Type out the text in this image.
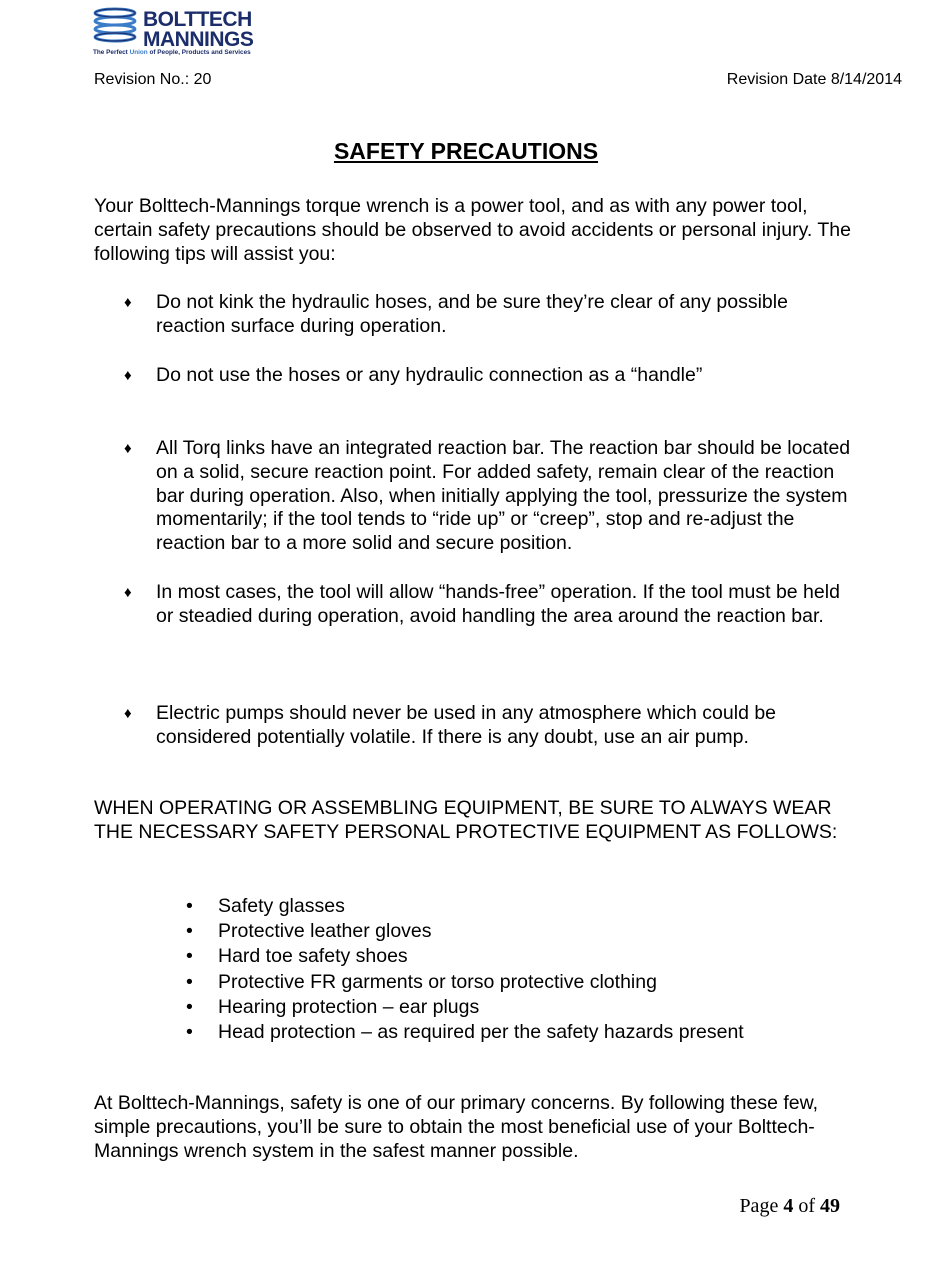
BOLTTECH
MANNINGS
The Perfect Union of People, Products and Services
Revision No.: 20	Revision Date 8/14/2014
SAFETY PRECAUTIONS

Your Bolttech-Mannings torque wrench is a power tool, and as with any power tool, certain safety precautions should be observed to avoid accidents or personal injury. The following tips will assist you:

♦ Do not kink the hydraulic hoses, and be sure they’re clear of any possible reaction surface during operation.
♦ Do not use the hoses or any hydraulic connection as a “handle”
♦ All Torq links have an integrated reaction bar. The reaction bar should be located on a solid, secure reaction point. For added safety, remain clear of the reaction bar during operation. Also, when initially applying the tool, pressurize the system momentarily; if the tool tends to “ride up” or “creep”, stop and re-adjust the reaction bar to a more solid and secure position.
♦ In most cases, the tool will allow “hands-free” operation. If the tool must be held or steadied during operation, avoid handling the area around the reaction bar.
♦ Electric pumps should never be used in any atmosphere which could be considered potentially volatile. If there is any doubt, use an air pump.

WHEN OPERATING OR ASSEMBLING EQUIPMENT, BE SURE TO ALWAYS WEAR THE NECESSARY SAFETY PERSONAL PROTECTIVE EQUIPMENT AS FOLLOWS:

• Safety glasses
• Protective leather gloves
• Hard toe safety shoes
• Protective FR garments or torso protective clothing
• Hearing protection – ear plugs
• Head protection – as required per the safety hazards present

At Bolttech-Mannings, safety is one of our primary concerns. By following these few, simple precautions, you’ll be sure to obtain the most beneficial use of your Bolttech-Mannings wrench system in the safest manner possible.

Page 4 of 49
